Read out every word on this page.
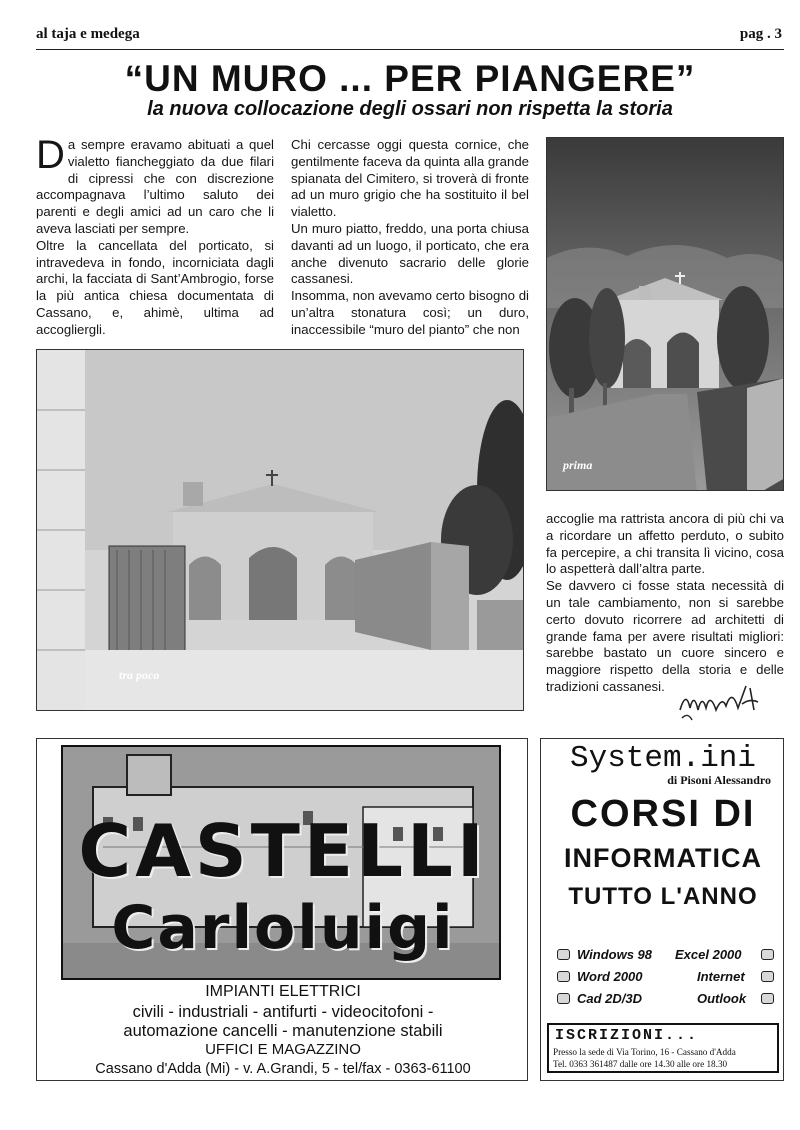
al taja e medega	pag . 3
“UN MURO ... PER PIANGERE”
la nuova collocazione degli ossari non rispetta la storia

Da sempre eravamo abituati a quel vialetto fiancheggiato da due filari di cipressi che con discrezione accompagnava l’ultimo saluto dei parenti e degli amici ad un caro che li aveva lasciati per sempre.

Oltre la cancellata del porticato, si intravedeva in fondo, incorniciata dagli archi, la facciata di Sant’Ambrogio, forse la più antica chiesa documentata di Cassano, e, ahimè, ultima ad accogliergli.

Chi cercasse oggi questa cornice, che gentilmente faceva da quinta alla grande spianata del Cimitero, si troverà di fronte ad un muro grigio che ha sostituito il bel vialetto.

Un muro piatto, freddo, una porta chiusa davanti ad un luogo, il porticato, che era anche divenuto sacrario delle glorie cassanesi.

Insomma, non avevamo certo bisogno di un’altra stonatura così; un duro, inaccessibile “muro del pianto” che non

prima
tra poco

accoglie ma rattrista ancora di più chi va a ricordare un affetto perduto, o subito fa percepire, a chi transita lì vicino, cosa lo aspetterà dall’altra parte.

Se davvero ci fosse stata necessità di un tale cambiamento, non si sarebbe certo dovuto ricorrere ad architetti di grande fama per avere risultati migliori: sarebbe bastato un cuore sincero e maggiore rispetto della storia e delle tradizioni cassanesi.

CASTELLI
Carloluigi
IMPIANTI ELETTRICI
civili - industriali - antifurti - videocitofoni -
automazione cancelli - manutenzione stabili
UFFICI E MAGAZZINO
Cassano d'Adda (Mi) - v. A.Grandi, 5 - tel/fax - 0363-61100
System.ini
di Pisoni Alessandro
CORSI DI
INFORMATICA
TUTTO L'ANNO
Windows 98 Excel 2000
Word 2000	Internet
Cad 2D/3D	Outlook
ISCRIZIONI...
Presso la sede di Via Torino, 16 - Cassano d'Adda
Tel. 0363 361487 dalle ore 14.30 alle ore 18.30
